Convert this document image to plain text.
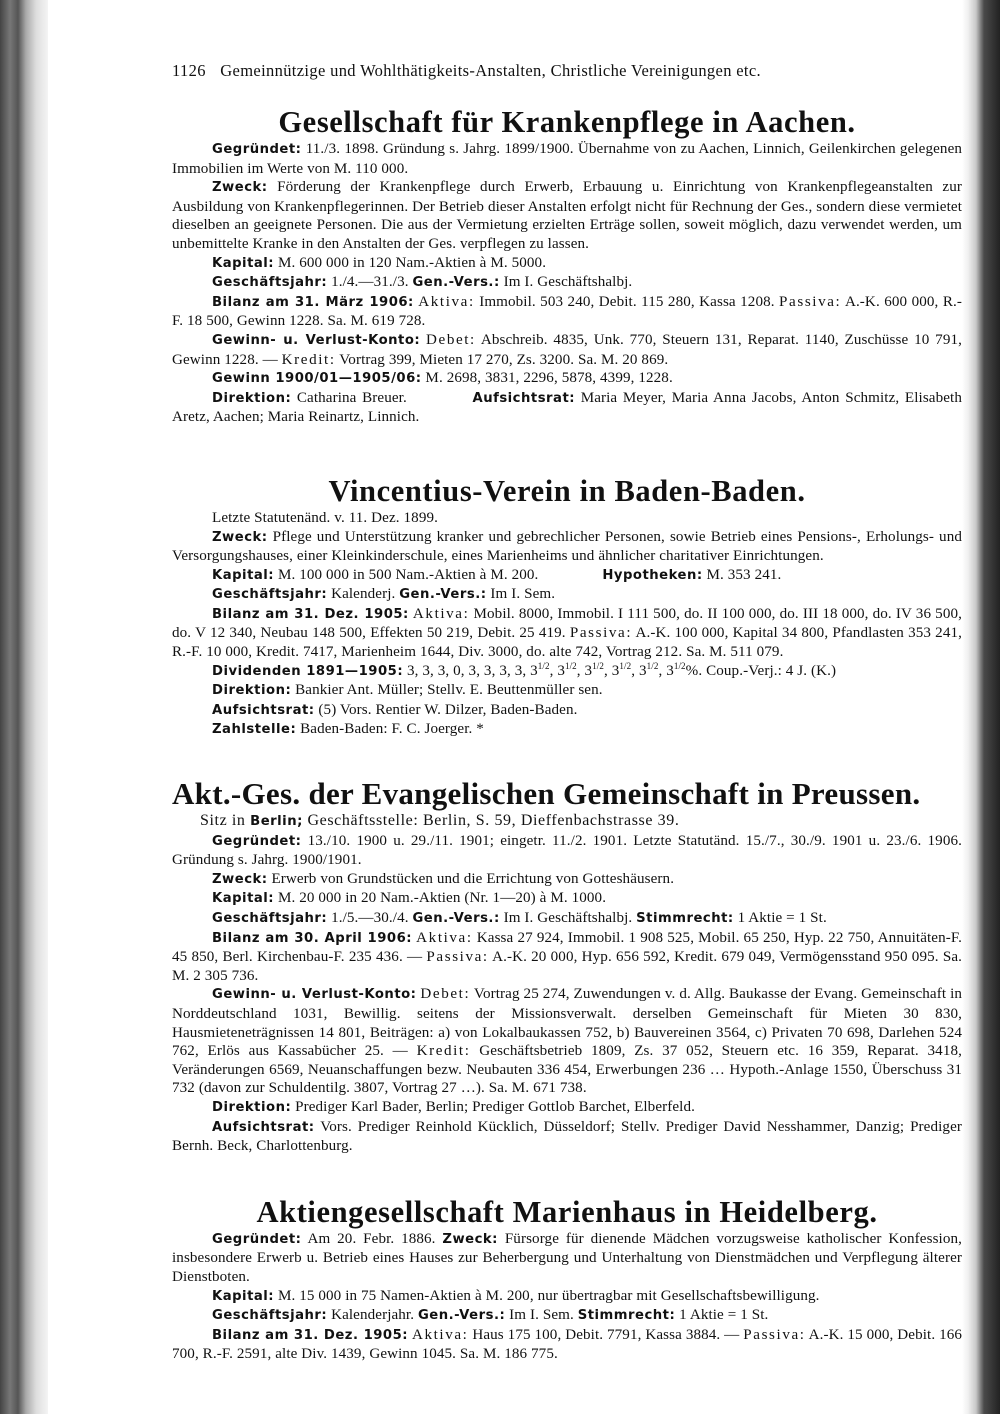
1126 Gemeinnützige und Wohlthätigkeits-Anstalten, Christliche Vereinigungen etc.
Gesellschaft für Krankenpflege in Aachen.

Gegründet: 11./3. 1898. Gründung s. Jahrg. 1899/1900. Übernahme von zu Aachen, Linnich, Geilenkirchen gelegenen Immobilien im Werte von M. 110 000.

Zweck: Förderung der Krankenpflege durch Erwerb, Erbauung u. Einrichtung von Krankenpflegeanstalten zur Ausbildung von Krankenpflegerinnen. Der Betrieb dieser Anstalten erfolgt nicht für Rechnung der Ges., sondern diese vermietet dieselben an geeignete Personen. Die aus der Vermietung erzielten Erträge sollen, soweit möglich, dazu verwendet werden, um unbemittelte Kranke in den Anstalten der Ges. verpflegen zu lassen.

Kapital: M. 600 000 in 120 Nam.-Aktien à M. 5000.

Geschäftsjahr: 1./4.—31./3. Gen.-Vers.: Im I. Geschäftshalbj.

Bilanz am 31. März 1906: Aktiva: Immobil. 503 240, Debit. 115 280, Kassa 1208. Passiva: A.-K. 600 000, R.-F. 18 500, Gewinn 1228. Sa. M. 619 728.

Gewinn- u. Verlust-Konto: Debet: Abschreib. 4835, Unk. 770, Steuern 131, Reparat. 1140, Zuschüsse 10 791, Gewinn 1228. — Kredit: Vortrag 399, Mieten 17 270, Zs. 3200. Sa. M. 20 869.

Gewinn 1900/01—1905/06: M. 2698, 3831, 2296, 5878, 4399, 1228.

Direktion: Catharina Breuer.	Aufsichtsrat: Maria Meyer, Maria Anna Jacobs, Anton Schmitz, Elisabeth Aretz, Aachen; Maria Reinartz, Linnich.

Vincentius-Verein in Baden-Baden.

Letzte Statutenänd. v. 11. Dez. 1899.

Zweck: Pflege und Unterstützung kranker und gebrechlicher Personen, sowie Betrieb eines Pensions-, Erholungs- und Versorgungshauses, einer Kleinkinderschule, eines Marienheims und ähnlicher charitativer Einrichtungen.

Kapital: M. 100 000 in 500 Nam.-Aktien à M. 200.	Hypotheken: M. 353 241.

Geschäftsjahr: Kalenderj. Gen.-Vers.: Im I. Sem.

Bilanz am 31. Dez. 1905: Aktiva: Mobil. 8000, Immobil. I 111 500, do. II 100 000, do. III 18 000, do. IV 36 500, do. V 12 340, Neubau 148 500, Effekten 50 219, Debit. 25 419. Passiva: A.-K. 100 000, Kapital 34 800, Pfandlasten 353 241, R.-F. 10 000, Kredit. 7417, Marienheim 1644, Div. 3000, do. alte 742, Vortrag 212. Sa. M. 511 079.

Dividenden 1891—1905: 3, 3, 3, 0, 3, 3, 3, 3, $3^{1/2}$, $3^{1/2}$, $3^{1/2}$, $3^{1/2}$, $3^{1/2}$, $3^{1/2}\%$. Coup.-Verj.: 4 J. (K.)

Direktion: Bankier Ant. Müller; Stellv. E. Beuttenmüller sen.

Aufsichtsrat: (5) Vors. Rentier W. Dilzer, Baden-Baden.

Zahlstelle: Baden-Baden: F. C. Joerger. *

Akt.-Ges. der Evangelischen Gemeinschaft in Preussen.
Sitz in Berlin; Geschäftsstelle: Berlin, S. 59, Dieffenbachstrasse 39.

Gegründet: 13./10. 1900 u. 29./11. 1901; eingetr. 11./2. 1901. Letzte Statutänd. 15./7., 30./9. 1901 u. 23./6. 1906. Gründung s. Jahrg. 1900/1901.

Zweck: Erwerb von Grundstücken und die Errichtung von Gotteshäusern.

Kapital: M. 20 000 in 20 Nam.-Aktien (Nr. 1—20) à M. 1000.

Geschäftsjahr: 1./5.—30./4. Gen.-Vers.: Im I. Geschäftshalbj. Stimmrecht: 1 Aktie = 1 St.

Bilanz am 30. April 1906: Aktiva: Kassa 27 924, Immobil. 1 908 525, Mobil. 65 250, Hyp. 22 750, Annuitäten-F. 45 850, Berl. Kirchenbau-F. 235 436. — Passiva: A.-K. 20 000, Hyp. 656 592, Kredit. 679 049, Vermögensstand 950 095. Sa. M. 2 305 736.

Gewinn- u. Verlust-Konto: Debet: Vortrag 25 274, Zuwendungen v. d. Allg. Baukasse der Evang. Gemeinschaft in Norddeutschland 1031, Bewillig. seitens der Missionsverwalt. derselben Gemeinschaft für Mieten 30 830, Hausmieteneträgnissen 14 801, Beiträgen: a) von Lokalbaukassen 752, b) Bauvereinen 3564, c) Privaten 70 698, Darlehen 524 762, Erlös aus Kassabücher 25. — Kredit: Geschäftsbetrieb 1809, Zs. 37 052, Steuern etc. 16 359, Reparat. 3418, Veränderungen 6569, Neuanschaffungen bezw. Neubauten 336 454, Erwerbungen 236 … Hypoth.-Anlage 1550, Überschuss 31 732 (davon zur Schuldentilg. 3807, Vortrag 27 …). Sa. M. 671 738.

Direktion: Prediger Karl Bader, Berlin; Prediger Gottlob Barchet, Elberfeld.

Aufsichtsrat: Vors. Prediger Reinhold Kücklich, Düsseldorf; Stellv. Prediger David Nesshammer, Danzig; Prediger Bernh. Beck, Charlottenburg.

Aktiengesellschaft Marienhaus in Heidelberg.

Gegründet: Am 20. Febr. 1886. Zweck: Fürsorge für dienende Mädchen vorzugsweise katholischer Konfession, insbesondere Erwerb u. Betrieb eines Hauses zur Beherbergung und Unterhaltung von Dienstmädchen und Verpflegung älterer Dienstboten.

Kapital: M. 15 000 in 75 Namen-Aktien à M. 200, nur übertragbar mit Gesellschaftsbewilligung.

Geschäftsjahr: Kalenderjahr. Gen.-Vers.: Im I. Sem. Stimmrecht: 1 Aktie = 1 St.

Bilanz am 31. Dez. 1905: Aktiva: Haus 175 100, Debit. 7791, Kassa 3884. — Passiva: A.-K. 15 000, Debit. 166 700, R.-F. 2591, alte Div. 1439, Gewinn 1045. Sa. M. 186 775.
